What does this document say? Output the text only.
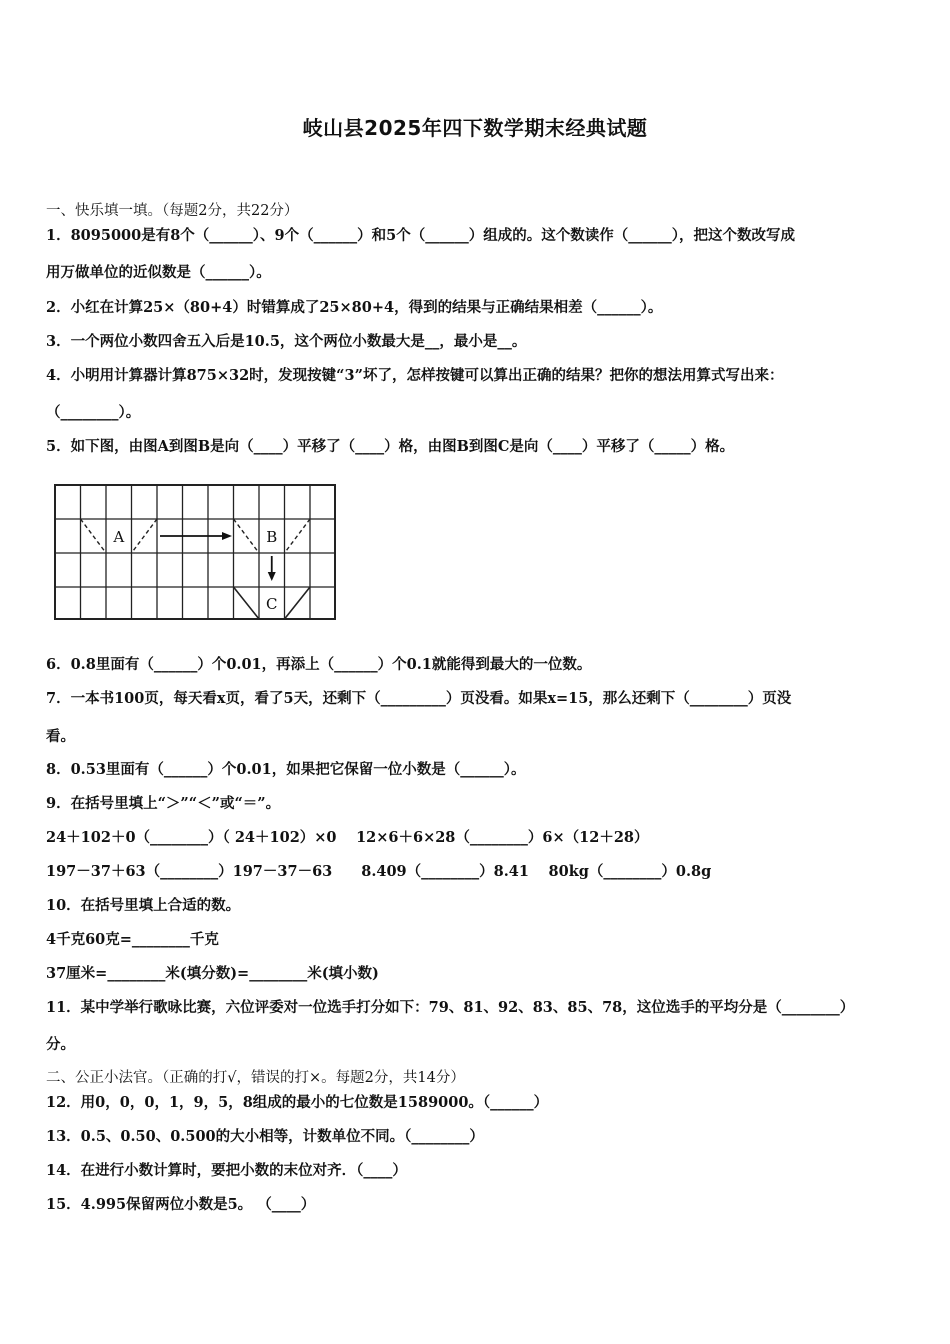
岐山县2025年四下数学期末经典试题
一、快乐填一填。（每题2分，共22分）
1．8095000是有8个（______）、9个（______）和5个（______）组成的。这个数读作（______），把这个数改写成
用万做单位的近似数是（______）。
2．小红在计算25×（80+4）时错算成了25×80+4，得到的结果与正确结果相差（______）。
3．一个两位小数四舍五入后是10.5，这个两位小数最大是__，最小是__。
4．小明用计算器计算875×32时，发现按键“3”坏了，怎样按键可以算出正确的结果？把你的想法用算式写出来：
（________）。
5．如下图，由图A到图B是向（____）平移了（____）格，由图B到图C是向（____）平移了（_____）格。
A	B
C
6．0.8里面有（______）个0.01，再添上（______）个0.1就能得到最大的一位数。
7．一本书100页，每天看x页，看了5天，还剩下（_________）页没看。如果x=15，那么还剩下（________）页没
看。
8．0.53里面有（______）个0.01，如果把它保留一位小数是（______）。
9．在括号里填上“＞”“＜”或“＝”。
24＋102＋0（________）（ 24＋102）×0　 12×6＋6×28（________）6×（12＋28）
197－37＋63（________）197－37－63　　8.409（________）8.41　 80kg（________）0.8g
10．在括号里填上合适的数。
4千克60克=________千克
37厘米=________米(填分数)=________米(填小数)
11．某中学举行歌咏比赛，六位评委对一位选手打分如下：79、81、92、83、85、78，这位选手的平均分是（________）
分。
二、公正小法官。（正确的打√，错误的打×。每题2分，共14分）
12．用0，0，0，1，9，5，8组成的最小的七位数是1589000。（______）
13．0.5、0.50、0.500的大小相等，计数单位不同。（________）
14．在进行小数计算时，要把小数的末位对齐．（____）
15．4.995保留两位小数是5。 （____）
